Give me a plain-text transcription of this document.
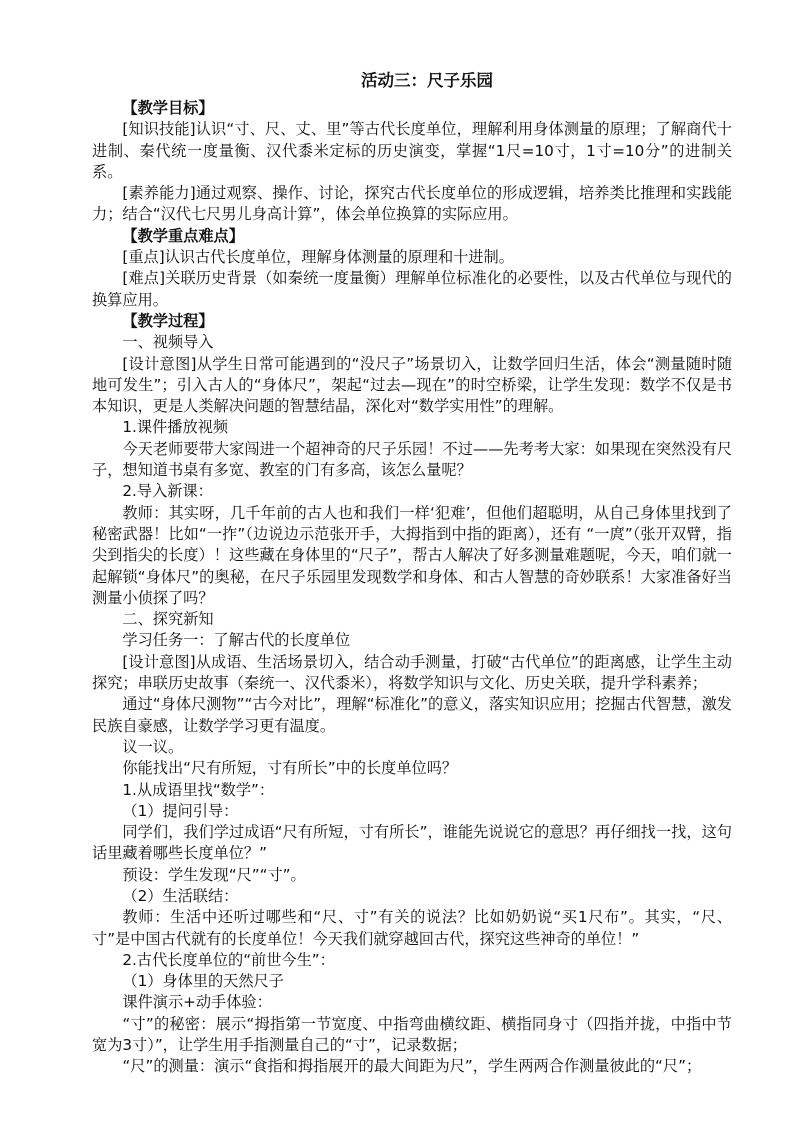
活动三：尺子乐园

【教学目标】

[知识技能]认识“寸、尺、丈、里”等古代长度单位，理解利用身体测量的原理；了解商代十进制、秦代统一度量衡、汉代黍米定标的历史演变，掌握“1尺=10寸，1寸=10分”的进制关系。

[素养能力]通过观察、操作、讨论，探究古代长度单位的形成逻辑，培养类比推理和实践能力；结合“汉代七尺男儿身高计算”，体会单位换算的实际应用。

【教学重点难点】

[重点]认识古代长度单位，理解身体测量的原理和十进制。

[难点]关联历史背景（如秦统一度量衡）理解单位标准化的必要性，以及古代单位与现代的换算应用。

【教学过程】

一、视频导入

[设计意图]从学生日常可能遇到的“没尺子”场景切入，让数学回归生活，体会“测量随时随地可发生”；引入古人的“身体尺”，架起“过去—现在”的时空桥梁，让学生发现：数学不仅是书本知识，更是人类解决问题的智慧结晶，深化对“数学实用性”的理解。

1.课件播放视频

今天老师要带大家闯进一个超神奇的尺子乐园！不过——先考考大家：如果现在突然没有尺子，想知道书桌有多宽、教室的门有多高，该怎么量呢？

2.导入新课：

教师：其实呀，几千年前的古人也和我们一样‘犯难’，但他们超聪明，从自己身体里找到了秘密武器！比如“一拃”（边说边示范张开手，大拇指到中指的距离），还有 “一庹”（张开双臂，指尖到指尖的长度）！这些藏在身体里的“尺子”，帮古人解决了好多测量难题呢，今天，咱们就一起解锁“身体尺”的奥秘，在尺子乐园里发现数学和身体、和古人智慧的奇妙联系！大家准备好当测量小侦探了吗？

二、探究新知

学习任务一：了解古代的长度单位

[设计意图]从成语、生活场景切入，结合动手测量，打破“古代单位”的距离感，让学生主动探究；串联历史故事（秦统一、汉代黍米），将数学知识与文化、历史关联，提升学科素养；

通过“身体尺测物”“古今对比”，理解“标准化”的意义，落实知识应用；挖掘古代智慧，激发民族自豪感，让数学学习更有温度。

议一议。

你能找出“尺有所短，寸有所长”中的长度单位吗？

1.从成语里找“数学”：

（1）提问引导：

同学们，我们学过成语“尺有所短，寸有所长”，谁能先说说它的意思？再仔细找一找，这句话里藏着哪些长度单位？”

预设：学生发现“尺”“寸”。

（2）生活联结：

教师：生活中还听过哪些和“尺、寸”有关的说法？比如奶奶说“买1尺布”。其实，“尺、寸”是中国古代就有的长度单位！今天我们就穿越回古代，探究这些神奇的单位！”

2.古代长度单位的“前世今生”：

（1）身体里的天然尺子

课件演示+动手体验：

“寸”的秘密：展示“拇指第一节宽度、中指弯曲横纹距、横指同身寸（四指并拢，中指中节宽为3寸）”，让学生用手指测量自己的“寸”，记录数据；

“尺”的测量：演示“食指和拇指展开的最大间距为尺”，学生两两合作测量彼此的“尺”；
